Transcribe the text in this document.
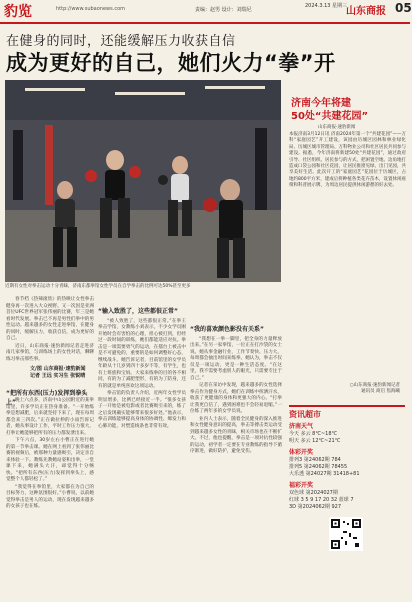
豹览	http://www.subaonews.com	责编：赵男 设计：刘瑞尼
2024.3.13 星期三
山东商报 05
在健身的同时，还能缓解压力收获自信
成为更好的自己，她们火力“拳”开
近期有女性对拳击运动十分青睐，济南东都拳馆女性学员在自学拳击的比例可达50%甚至更多
济南今年将建
50处“共建花园”
山东商报·速豹新闻
本报济南3月12日讯 济南2024年第一个“共建花园”——万科“家庭园艺”开工建设，该园由历城区园林和林业绿化局、历城区城市管理局、万科物业公司和社区居民共同参与建设。据悉，今年济南将新建50处“共建花园”，通过政府引导、社区组织、居民参与的方式，把闲置空地、边角地打造成口袋公园和社区花园，让居民推窗见绿、出门见园，共享美好生活。此次开工的“家庭园艺”花园位于历城区，占地约800平方米，建成后将种植各类花卉苗木，设置休闲座椅和科普展示牌，为周边居民提供休闲游憩的好去处。
○山东商报·速豹新闻记者
通讯员 商启 焦海曦

春节档《热辣滚烫》的热映让女性拳击健身再一次进入大众视野。又一次因是亚洲首位UFC世界冠军张伟丽的比赛，年三是她看时代发展。拳击已不再是男性们拳中的男性运动。越来越多的女性走进拳馆，在健身的同时，缓解压力，收获自信，成为更好的自己。

近日，山东商报·速豹新闻记者走进济南几家拳馆，与训练场上的女性对话，聊聊练习拳击那些事。

文/图 山东商报·速豹新闻
记者 王远 实习生 张锐晴
“把所有东西(压力)发挥到拳头上” 晚上六点多，济南中山公园附近的某拳馆里，许多学员正在热身准备。“一开始练拳是想减肥，后来就坚持下来了，现在每周都会来三四次。”正在做拉伸的小雨告诉记者，她从事设计工作，平时工作压力很大，打拳让她能够把所有的压力都发泄出来。

下午六点，30岁左右小曹正在进行她的第一节拳击课。她在网上看到了张伟丽比赛的视频后，被那种力量感吸引，决定亲自来体验一下。教练先教她站姿和出拳，一堂课下来，她满头大汗，却觉得十分畅快。“把所有东西(压力)发挥到拳头上，感觉整个人都轻松了。”

“我觉得在拳馆里，大家都在为自己的目标努力，这种氛围很好。”小曹说，以前她觉得拳击是男人的运动，现在发现越来越多的女孩子也在练。

“输入致胜了，这些都很正常”

“被人致胜了，这些都很正常。”在拳王拳击学馆，女教练小刘表示，不少女学员刚开始时会有害怕的心理，担心被打到，但经过一段时间的训练，她们都能适应对抗。拳击是一项需要勇气的运动，在擂台上被击中是不可避免的，重要的是如何调整好心态，继续战斗。她告诉记者，目前馆里的女学员年龄从十几岁到四十多岁不等，有学生，也有上班族和宝妈。大家来练拳的目的各不相同，有的为了减肥塑形，有的为了防身，还有的就是单纯喜欢这项运动。

拳击馆的负责人介绍，近两年女性学员明显增多，比例已经接近一半。“很多女孩子一开始是被电影或者比赛吸引来的，练了之后发现确实能够带来很多好处。”他表示，拳击训练能够提高身体的协调性、爆发力和心肺功能，对塑造线条也非常有效。

“我的喜欢颜色影没有关系”

“我想在一拳一脚里，把全身的力量释放出来。”在另一家拳馆，一位正在打沙袋的女士说。她从事金融行业，工作节奏快、压力大，每周都会抽出时间来练拳。她认为，拳击不仅仅是一项运动，更是一种生活态度。“在这里，我不需要考虑别人的眼光，只需要专注于自己。”

记者在采访中发现，越来越多的女性选择拳击作为健身方式，她们在训练中挥洒汗水，收获了更健康的身体和更强大的内心。“打拳让我更自信了，遇到困难也不会轻易退缩。”一位练了两年多的女学员说。

业内人士表示，随着全民健身的深入推进和女性健身意识的提高，拳击等搏击类运动受到越来越多女性的青睐，相关市场也在不断扩大。不过，他也提醒，拳击是一项对抗性较强的运动，初学者一定要在专业教练的指导下循序渐进，做好防护，避免受伤。

资讯超市
济南天气
今天 多云 8℃~18℃
明天 多云 12℃~21℃
体彩开奖
排列3 第24062期 784
排列5 第24062期 78455
大乐透 第24027期 31418+81
福彩开奖
双色球 第2024027期
红球 3 5 9 17 20 32 蓝球 7
3D 第2024062期 927
